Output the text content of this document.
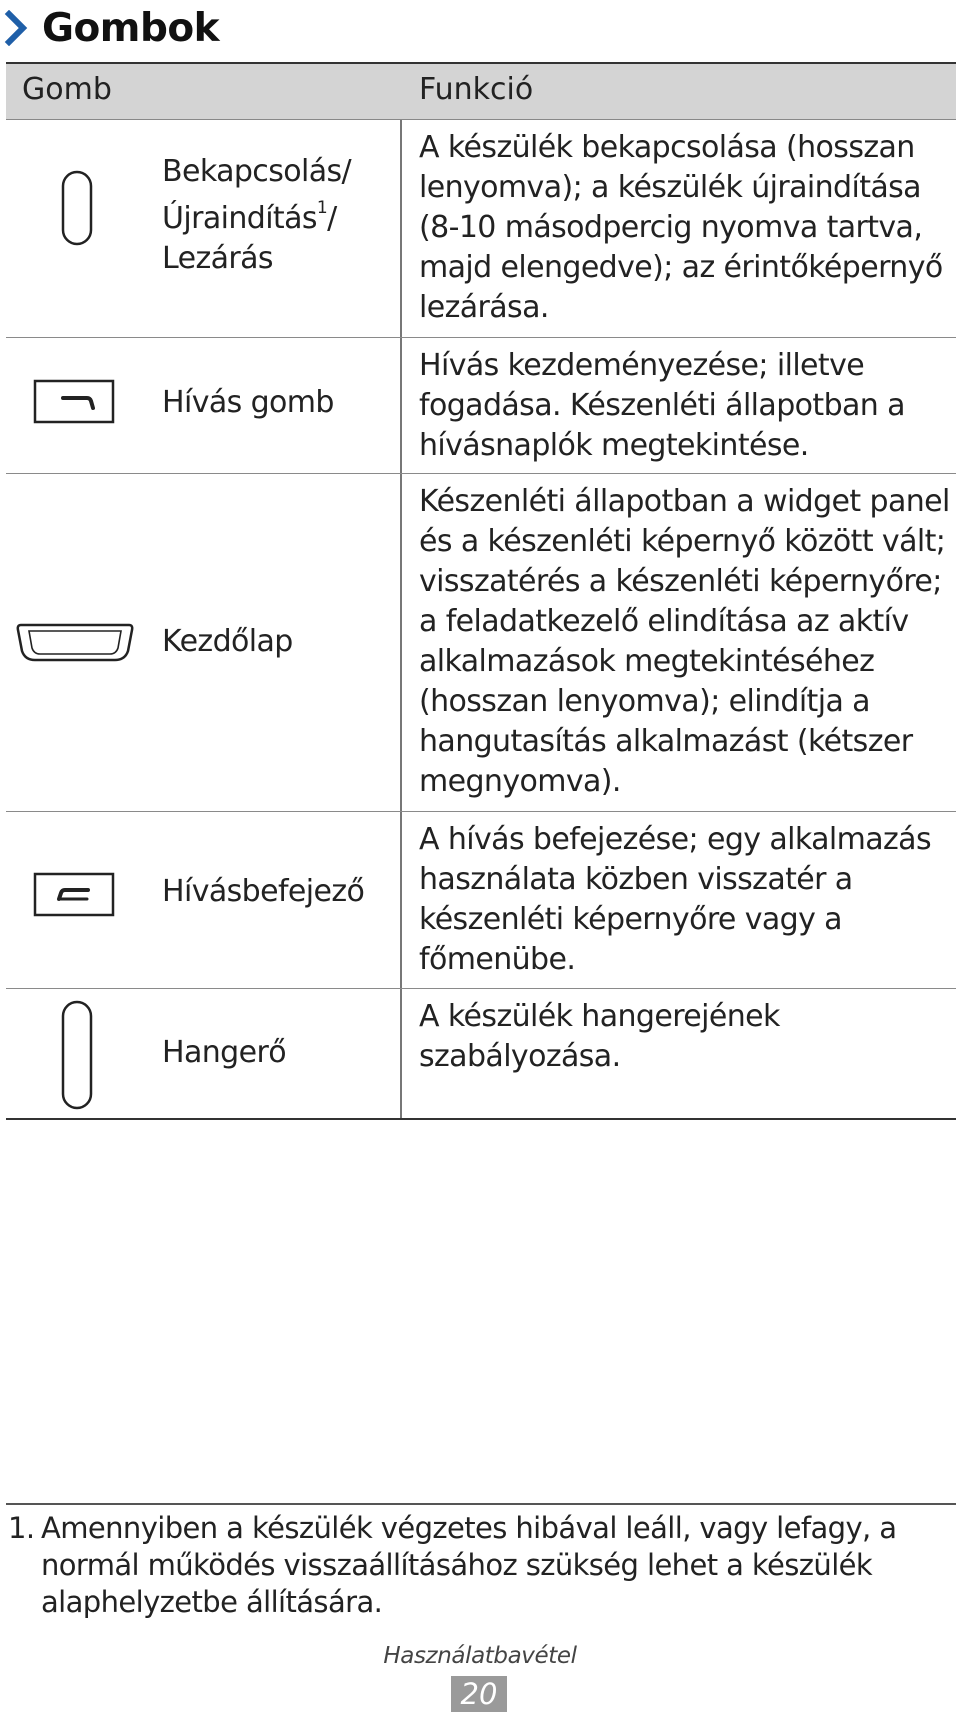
Gombok
Gomb	Funkció
Bekapcsolás/
Újraindítás$^1$/
Lezárás
A készülék bekapcsolása (hosszan lenyomva); a készülék újraindítása (8-10 másodpercig nyomva tartva, majd elengedve); az érintőképernyő lezárása.
Hívás gomb
Hívás kezdeményezése; illetve fogadása. Készenléti állapotban a hívásnaplók megtekintése.
Kezdőlap
Készenléti állapotban a widget panel és a készenléti képernyő között vált; visszatérés a készenléti képernyőre; a feladatkezelő elindítása az aktív alkalmazások megtekintéséhez (hosszan lenyomva); elindítja a hangutasítás alkalmazást (kétszer megnyomva).
Hívásbefejező
A hívás befejezése; egy alkalmazás használata közben visszatér a készenléti képernyőre vagy a főmenübe.
Hangerő
A készülék hangerejének szabályozása.
1. Amennyiben a készülék végzetes hibával leáll, vagy lefagy, a normál működés visszaállításához szükség lehet a készülék alaphelyzetbe állítására.
Használatbavétel
20
